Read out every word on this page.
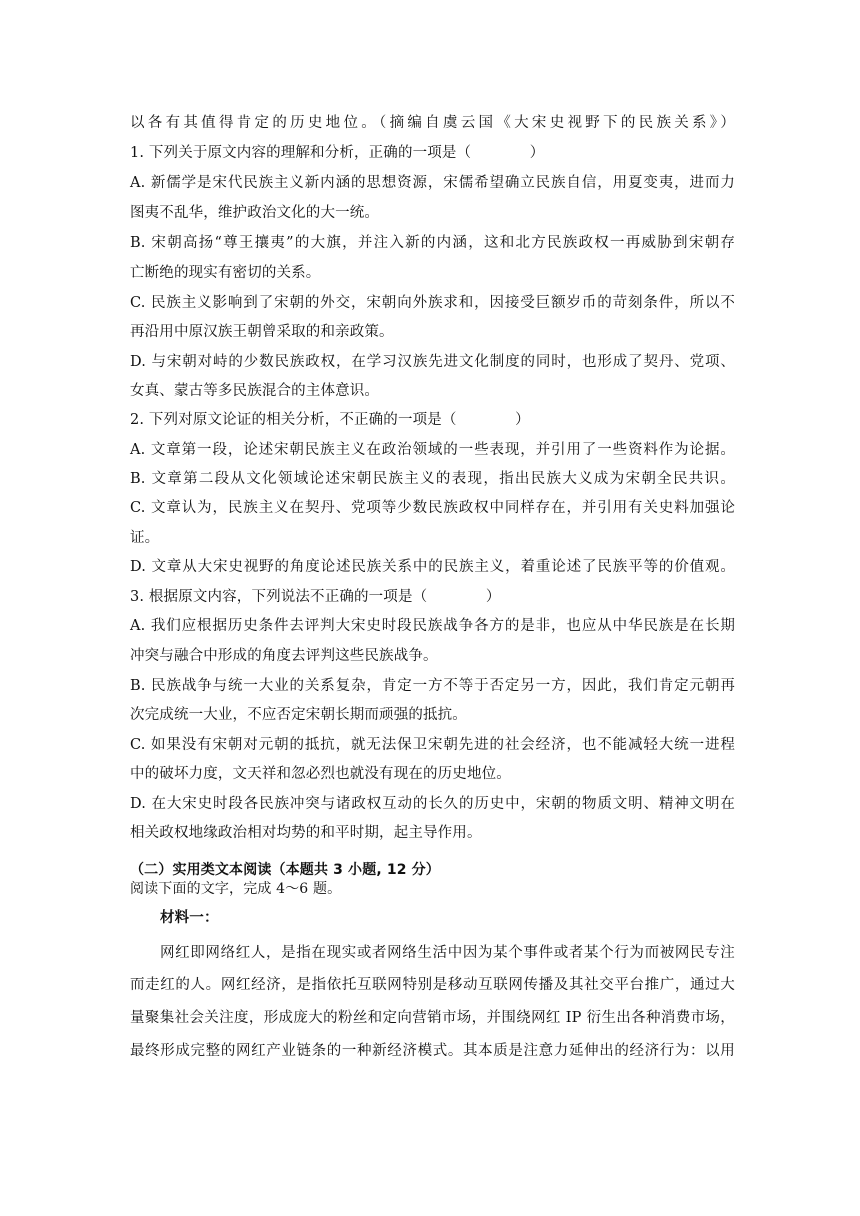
以各有其值得肯定的历史地位。（摘编自虞云国《大宋史视野下的民族关系》）
1. 下列关于原文内容的理解和分析，正确的一项是（　　　　）
A. 新儒学是宋代民族主义新内涵的思想资源，宋儒希望确立民族自信，用夏变夷，进而力
图夷不乱华，维护政治文化的大一统。
B. 宋朝高扬“尊王攘夷”的大旗，并注入新的内涵，这和北方民族政权一再威胁到宋朝存
亡断绝的现实有密切的关系。
C. 民族主义影响到了宋朝的外交，宋朝向外族求和，因接受巨额岁币的苛刻条件，所以不
再沿用中原汉族王朝曾采取的和亲政策。
D. 与宋朝对峙的少数民族政权，在学习汉族先进文化制度的同时，也形成了契丹、党项、
女真、蒙古等多民族混合的主体意识。
2. 下列对原文论证的相关分析，不正确的一项是（　　　　）
A. 文章第一段，论述宋朝民族主义在政治领域的一些表现，并引用了一些资料作为论据。
B. 文章第二段从文化领域论述宋朝民族主义的表现，指出民族大义成为宋朝全民共识。
C. 文章认为，民族主义在契丹、党项等少数民族政权中同样存在，并引用有关史料加强论
证。
D. 文章从大宋史视野的角度论述民族关系中的民族主义，着重论述了民族平等的价值观。
3. 根据原文内容，下列说法不正确的一项是（　　　　）
A. 我们应根据历史条件去评判大宋史时段民族战争各方的是非，也应从中华民族是在长期
冲突与融合中形成的角度去评判这些民族战争。
B. 民族战争与统一大业的关系复杂，肯定一方不等于否定另一方，因此，我们肯定元朝再
次完成统一大业，不应否定宋朝长期而顽强的抵抗。
C. 如果没有宋朝对元朝的抵抗，就无法保卫宋朝先进的社会经济，也不能减轻大统一进程
中的破坏力度，文天祥和忽必烈也就没有现在的历史地位。
D. 在大宋史时段各民族冲突与诸政权互动的长久的历史中，宋朝的物质文明、精神文明在
相关政权地缘政治相对均势的和平时期，起主导作用。
（二）实用类文本阅读（本题共 3 小题, 12 分）
阅读下面的文字，完成 4～6 题。
材料一：
网红即网络红人，是指在现实或者网络生活中因为某个事件或者某个行为而被网民专注
而走红的人。网红经济，是指依托互联网特别是移动互联网传播及其社交平台推广，通过大
量聚集社会关注度，形成庞大的粉丝和定向营销市场，并围绕网红 IP 衍生出各种消费市场，
最终形成完整的网红产业链条的一种新经济模式。其本质是注意力延伸出的经济行为：以用
